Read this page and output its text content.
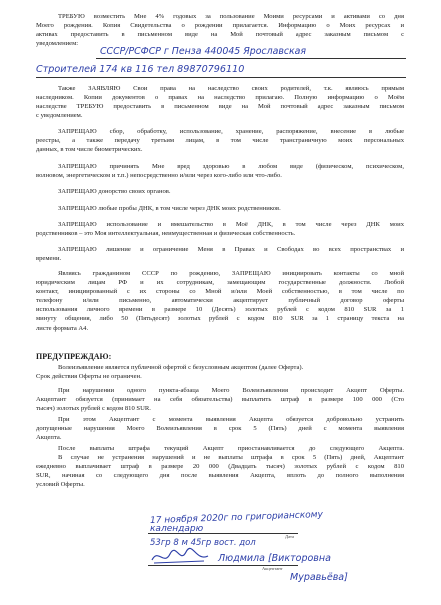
ТРЕБУЮ возместить Мне 4% годовых за пользование Моими ресурсами и активами со дня
Моего рождения. Копия Свидетельства о рождении прилагается. Информацию о Моих ресурсах и
активах предоставить в письменном виде на Мой почтовый адрес заказным письмом с
уведомлением:
СССР/РСФСР г Пенза 440045 Ярославская
Строителей 174 кв 116 тел 89870796110
Также ЗАЯВЛЯЮ Свои права на наследство своих родителей, т.к. являюсь прямым
наследником. Копии документов о правах на наследство прилагаю. Полную информацию о Моём
наследстве ТРЕБУЮ предоставить в письменном виде на Мой почтовый адрес заказным письмом
с уведомлением.
ЗАПРЕЩАЮ сбор, обработку, использование, хранение, распоряжение, внесение в любые
реестры, а также передачу третьим лицам, в том числе трансграничную моих персональных
данных, в том числе биометрических.
ЗАПРЕЩАЮ причинять Мне вред здоровью в любом виде (физическом, психическом,
волновом, энергетическом и т.п.) непосредственно и/или через кого-либо или что-либо.
ЗАПРЕЩАЮ донорство своих органов.
ЗАПРЕЩАЮ любые пробы ДНК, в том числе через ДНК моих родственников.
ЗАПРЕЩАЮ использование и вмешательство в Моё ДНК, в том числе через ДНК моих
родственников – это Моя интеллектуальная, неимущественная и физическая собственность.
ЗАПРЕЩАЮ лишение и ограничение Меня в Правах и Свободах во всех пространствах и
времени.
Являясь гражданином СССР по рождению, ЗАПРЕЩАЮ инициировать контакты со мной
юридическим лицам РФ и их сотрудникам, замещающим государственные должности. Любой
контакт, инициированный с их стороны со Мной и/или Моей собственностью, в том числе по
телефону и/или письменно, автоматически акцептирует публичный договор оферты
использования личного времени в размере 10 (Десять) золотых рублей с кодом 810 SUR за 1
минуту общения, либо 50 (Пятьдесят) золотых рублей с кодом 810 SUR за 1 страницу текста на
листе формата А4.
ПРЕДУПРЕЖДАЮ:
Волеизъявление является публичной офертой с безусловным акцептом (далее Оферта).
Срок действия Оферты не ограничен.
При нарушении одного пункта-абзаца Моего Волеизъявления происходит Акцепт Оферты.
Акцептант обязуется (принимает на себя обязательства) выплатить штраф в размере 100 000 (Сто
тысяч) золотых рублей с кодом 810 SUR.
При этом Акцептант с момента выявления Акцепта обязуется добровольно устранить
допущенные нарушения Моего Волеизъявления в срок 5 (Пять) дней с момента выявления
Акцепта.
После выплаты штрафа текущий Акцепт приостанавливается до следующего Акцепта.
В случае не устранения нарушений и не выплаты штрафа в срок 5 (Пять) дней, Акцептант
ежедневно выплачивает штраф в размере 20 000 (Двадцать тысяч) золотых рублей с кодом 810
SUR, начиная со следующего дня после выявления Акцепта, вплоть до полного выполнения
условий Оферты.
17 ноября 2020г по григорианскому
календарю
Дата
53гр 8 м 45гр вост. дол
Людмила [Викторовна
Акцептант
Муравьёва]
